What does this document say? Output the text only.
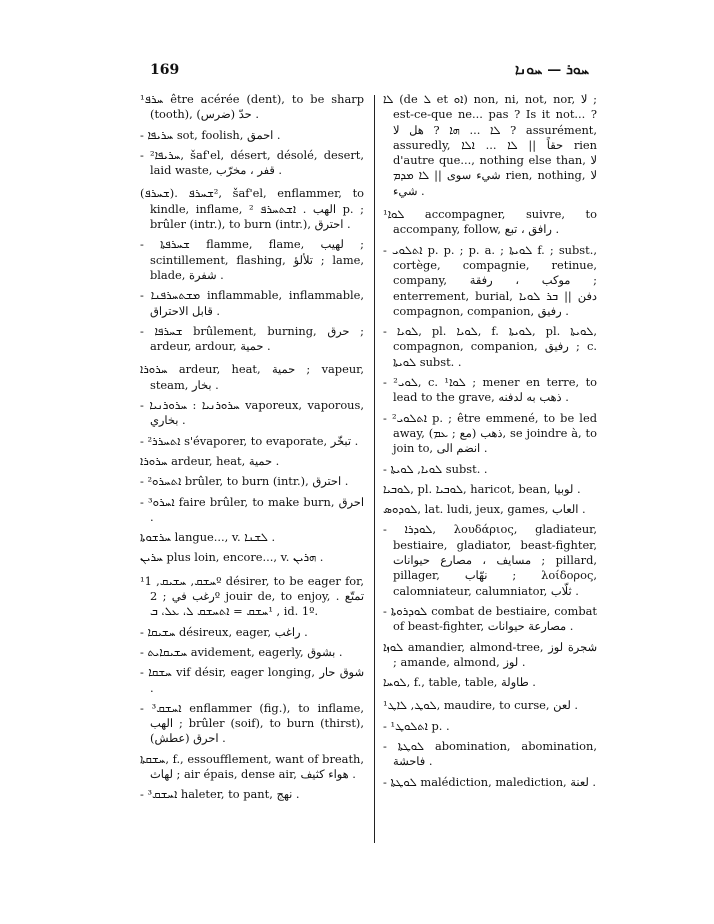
169	ܚܘܪ — ܚܘܢܐ

¹ܚܪܦ être acérée (dent), to be sharp (tooth), (حدّ (ضرس .

- ܚܪܝܦܐ sot, foolish, احمق .

- ²ܚܪܝܦܐ, šaf'el, désert, désolé, desert, laid waste, قفر ، مخرّب .

(ܫܚܪܦ). ²ܫܚܪܦ, šaf'el, enflammer, to kindle, inflame, الهب . ܐܫܬܚܪܦ ² p. ; brûler (intr.), to burn (intr.), احترق .

- ܫܚܪܦܬܐ flamme, flame, لهيب ; scintillement, flashing, تلألؤ ; lame, blade, شفرة .

- ܡܫܬܚܪܦܢܐ inflammable, inflammable, قابل الاحتراق .

- ܫܚܪܦܐ brûlement, burning, حرق ; ardeur, ardour, حمية .

ܚܪܘܪܐ ardeur, heat, حمية ; vapeur, steam, بخار .

- ܚܪܘܪܢܝܐ : ܚܪܘܪܢܝܐ vaporeux, vaporous, بخاري .

- ²ܐܬܚܪܪ s'évaporer, to evaporate, تبخّر .

ܚܪܘܪܐ ardeur, heat, حمية .

- ²ܐܬܚܪܘ brûler, to burn (intr.), احترق .

- ³ܐܚܪܘ faire brûler, to make burn, احرق .

ܚܪܫܘܬܐ langue..., v. ܠܫܢܐ .

ܚܪܝܢ plus loin, encore..., v. ܗܪܝܢ .

¹ܚܫܩ, ܚܫܝܩ, 1º désirer, to be eager for, رغب في ; 2º jouir de, to enjoy, تمتّع . ¹ܚܫܩ = ܐܬܚܫܩ ܠ، ܥܠ، ܒ , id. 1º.

- ܚܫܝܩܐ désireux, eager, راغب .

- ܚܫܝܩܐܝܬ avidement, eagerly, بشوق .

- ܚܫܩܐ vif désir, eager longing, شوق حار .

- ³ܐܚܫܩ enflammer (fig.), to inflame, الهب ; brûler (soif), to burn (thirst), (احرق (عطش .

ܚܫܩܬܐ, f., essoufflement, want of breath, لهاث ; air épais, dense air, هواء كثيف .

- ³ܐܚܫܩ haleter, to pant, نهج .

ܠܐ (de ܠ et ܐܘ) non, ni, not, nor, لا ; est-ce-que ne... pas ? Is it not... ? ܠܐ ... ܗܐ ? هل لا ? assurément, assuredly, حقاً || ܠܐ ... ܐܠܐ rien d'autre que..., nothing else than, لا شيء سوى || ܠܐ ܡܕܡ rien, nothing, لا شيء .

¹ܠܘܐ accompagner, suivre, to accompany, follow, رافق ، تبع .

- ܐܬܠܘܝ p. p. ; p. a. ; ܠܘܝܬܐ f. ; subst., cortège, compagnie, retinue, company, موكب ، رفقة ; enterrement, burial, دفن || ܒܪ ܠܘܝܐ compagnon, companion, رفيق .

- ܠܘܝܐ, pl. ܠܘܝܐ, f. ܠܘܝܬܐ, pl. ܠܘܝܬܐ, compagnon, companion, رفيق ; c. ܠܘܝܬܐ subst. .

- ²ܠܘܝ, c. ¹ܠܘܐ ; mener en terre, to lead to the grave, ذهب به لدفنه .

- ²ܐܬܠܘܝ p. ; être emmené, to be led away, (ذهب (مع ; ܥܡ, se joindre à, to join to, انضم الى .

- ܠܘܝܐ, ܠܘܝܬܐ subst. .

ܠܘܒܝܐ, pl. ܠܘܒܝܐ, haricot, bean, لوبيا .

ܠܘܕܘܣ, lat. ludi, jeux, games, العاب .

- ܠܘܕܪܐ, λουδάριος, gladiateur, bestiaire, gladiator, beast-fighter, مسايف ، مصارع حيوانات ; pillard, pillager, نهّاب ; λοίδορος, calomniateur, calumniator, ثلّاب .

- ܠܘܕܪܘܬܐ combat de bestiaire, combat of beast-fighter, مصارعة حيوانات .

ܠܘܙܐ amandier, almond-tree, شجرة لوز ; amande, almond, لوز .

ܠܘܚܐ, f., table, table, طاولة .

¹ܠܘܛ, ܠܐܛ, maudire, to curse, لعن .

- ¹ܐܬܠܘܛ p. .

- ܠܘܛܬܐ abomination, abomination, فاحشة .

- ܠܘܛܬܐ malédiction, malediction, لعنة .
